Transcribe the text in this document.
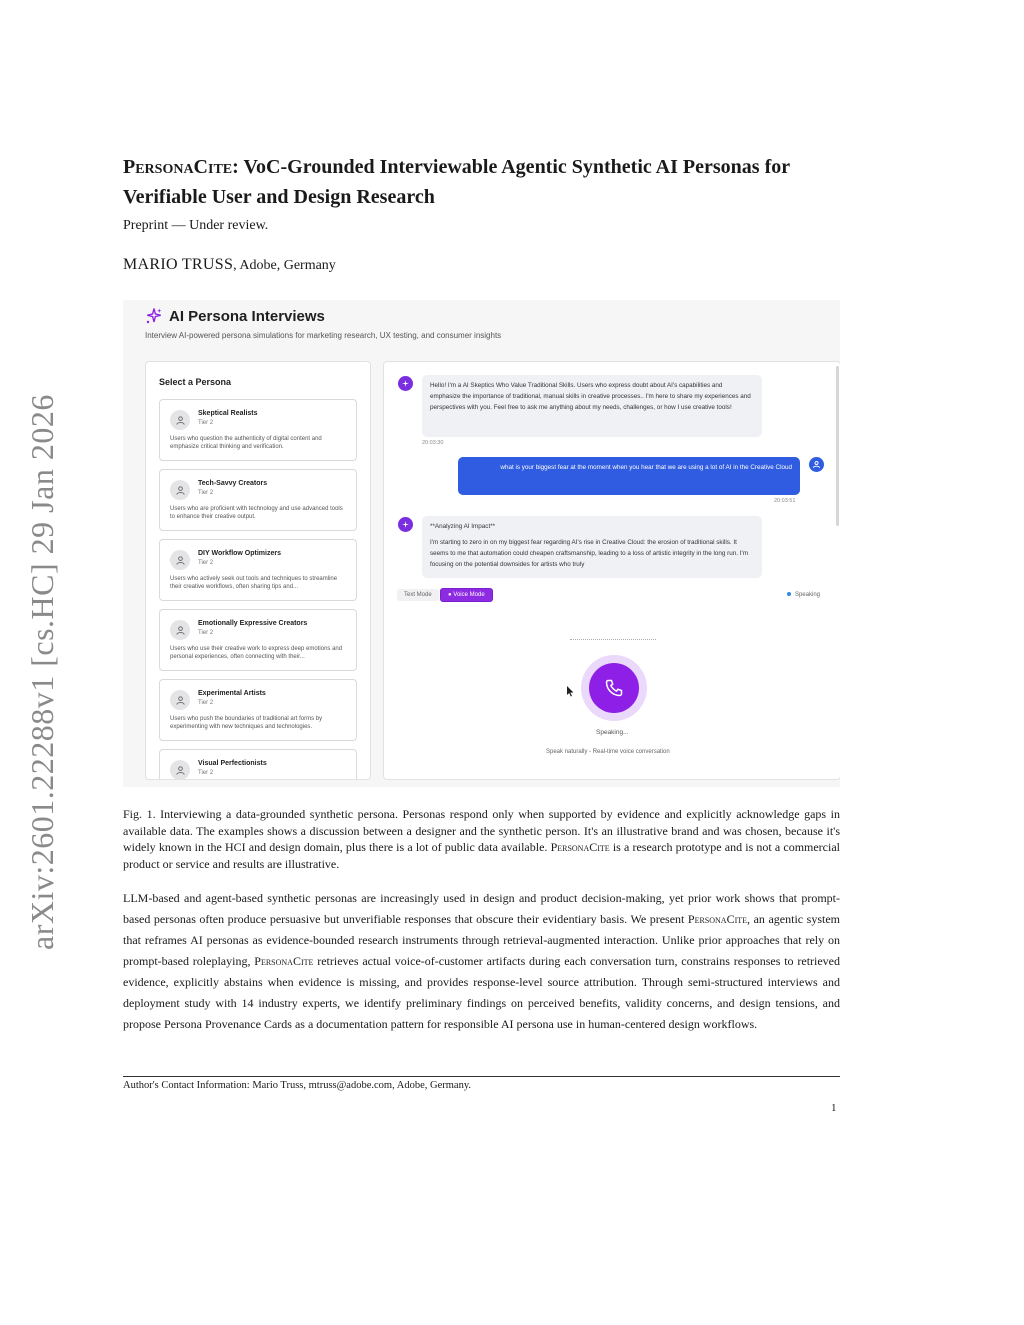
arXiv:2601.22288v1 [cs.HC] 29 Jan 2026
PersonaCite: VoC-Grounded Interviewable Agentic Synthetic AI Personas for
Verifiable User and Design Research
Preprint — Under review.
MARIO TRUSS, Adobe, Germany
AI Persona Interviews
Interview AI-powered persona simulations for marketing research, UX testing, and consumer insights
Select a Persona
Skeptical Realists
Tier 2
Users who question the authenticity of digital content and emphasize critical thinking and verification.
Tech-Savvy Creators
Tier 2
Users who are proficient with technology and use advanced tools to enhance their creative output.
DIY Workflow Optimizers
Tier 2
Users who actively seek out tools and techniques to streamline their creative workflows, often sharing tips and...
Emotionally Expressive Creators
Tier 2
Users who use their creative work to express deep emotions and personal experiences, often connecting with their...
Experimental Artists
Tier 2
Users who push the boundaries of traditional art forms by experimenting with new techniques and technologies.
Visual Perfectionists
Tier 2
Hello! I'm a AI Skeptics Who Value Traditional Skills. Users who express doubt about AI's capabilities and emphasize the importance of traditional, manual skills in creative processes.. I'm here to share my experiences and perspectives with you. Feel free to ask me anything about my needs, challenges, or how I use creative tools!
20:03:30
what is your biggest fear at the moment when you hear that we are using a lot of AI in the Creative Cloud
20:03:51
**Analyzing AI Impact**
I'm starting to zero in on my biggest fear regarding AI's rise in Creative Cloud: the erosion of traditional skills. It seems to me that automation could cheapen craftsmanship, leading to a loss of artistic integrity in the long run. I'm focusing on the potential downsides for artists who truly
Text Mode	● Voice Mode	Speaking
Speaking...
Speak naturally - Real-time voice conversation
Fig. 1. Interviewing a data-grounded synthetic persona. Personas respond only when supported by evidence and explicitly acknowledge gaps in available data. The examples shows a discussion between a designer and the synthetic person. It's an illustrative brand and was chosen, because it's widely known in the HCI and design domain, plus there is a lot of public data available. PersonaCite is a research prototype and is not a commercial product or service and results are illustrative.
LLM-based and agent-based synthetic personas are increasingly used in design and product decision-making, yet prior work shows that prompt-based personas often produce persuasive but unverifiable responses that obscure their evidentiary basis. We present PersonaCite, an agentic system that reframes AI personas as evidence-bounded research instruments through retrieval-augmented interaction. Unlike prior approaches that rely on prompt-based roleplaying, PersonaCite retrieves actual voice-of-customer artifacts during each conversation turn, constrains responses to retrieved evidence, explicitly abstains when evidence is missing, and provides response-level source attribution. Through semi-structured interviews and deployment study with 14 industry experts, we identify preliminary findings on perceived benefits, validity concerns, and design tensions, and propose Persona Provenance Cards as a documentation pattern for responsible AI persona use in human-centered design workflows.
Author's Contact Information: Mario Truss, mtruss@adobe.com, Adobe, Germany.
1
